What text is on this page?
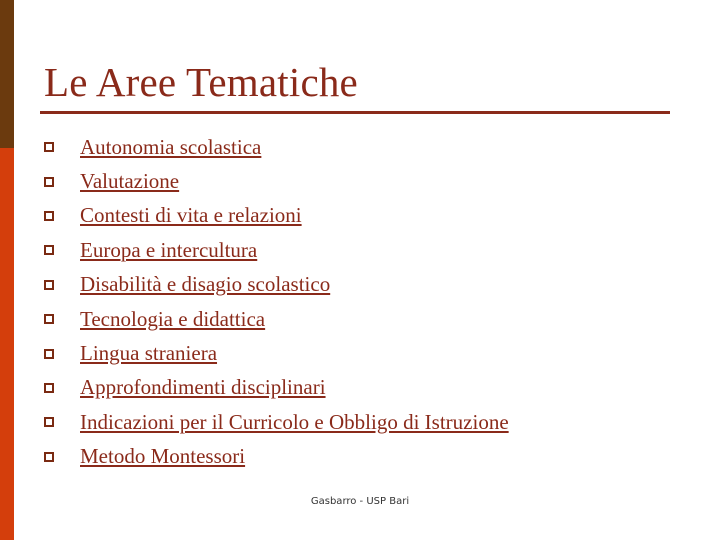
Le Aree Tematiche
Autonomia scolastica
Valutazione
Contesti di vita e relazioni
Europa e intercultura
Disabilità e disagio scolastico
Tecnologia e didattica
Lingua straniera
Approfondimenti disciplinari
Indicazioni per il Curricolo e Obbligo di Istruzione
Metodo Montessori
Gasbarro - USP Bari
